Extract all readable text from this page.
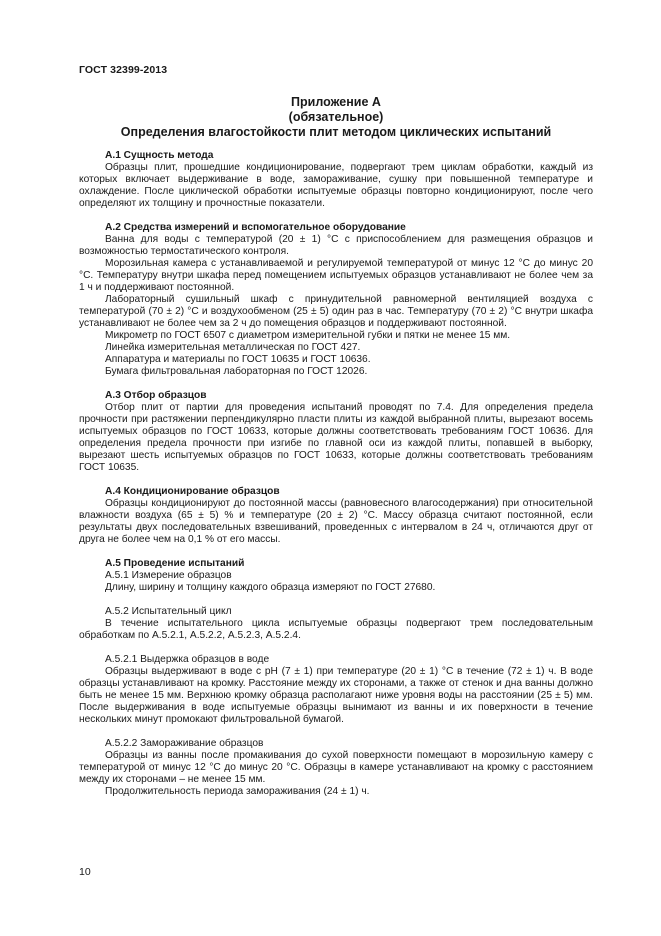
ГОСТ 32399-2013
Приложение А
(обязательное)
Определения влагостойкости плит методом циклических испытаний
А.1 Сущность метода

Образцы плит, прошедшие кондиционирование, подвергают трем циклам обработки, каждый из которых включает выдерживание в воде, замораживание, сушку при повышенной температуре и охлаждение. После циклической обработки испытуемые образцы повторно кондиционируют, после чего определяют их толщину и прочностные показатели.

А.2 Средства измерений и вспомогательное оборудование

Ванна для воды с температурой (20 ± 1) °С с приспособлением для размещения образцов и возможностью термостатического контроля.

Морозильная камера с устанавливаемой и регулируемой температурой от минус 12 °С до минус 20 °С. Температуру внутри шкафа перед помещением испытуемых образцов устанавливают не более чем за 1 ч и поддерживают постоянной.

Лабораторный сушильный шкаф с принудительной равномерной вентиляцией воздуха с температурой (70 ± 2) °С и воздухообменом (25 ± 5) один раз в час. Температуру (70 ± 2) °С внутри шкафа устанавливают не более чем за 2 ч до помещения образцов и поддерживают постоянной.

Микрометр по ГОСТ 6507 с диаметром измерительной губки и пятки не менее 15 мм.

Линейка измерительная металлическая по ГОСТ 427.

Аппаратура и материалы по ГОСТ 10635 и ГОСТ 10636.

Бумага фильтровальная лабораторная по ГОСТ 12026.

А.3 Отбор образцов

Отбор плит от партии для проведения испытаний проводят по 7.4. Для определения предела прочности при растяжении перпендикулярно пласти плиты из каждой выбранной плиты, вырезают восемь испытуемых образцов по ГОСТ 10633, которые должны соответствовать требованиям ГОСТ 10636. Для определения предела прочности при изгибе по главной оси из каждой плиты, попавшей в выборку, вырезают шесть испытуемых образцов по ГОСТ 10633, которые должны соответствовать требованиям ГОСТ 10635.

А.4 Кондиционирование образцов

Образцы кондиционируют до постоянной массы (равновесного влагосодержания) при относительной влажности воздуха (65 ± 5) % и температуре (20 ± 2) °С. Массу образца считают постоянной, если результаты двух последовательных взвешиваний, проведенных с интервалом в 24 ч, отличаются друг от друга не более чем на 0,1 % от его массы.

А.5 Проведение испытаний
А.5.1 Измерение образцов

Длину, ширину и толщину каждого образца измеряют по ГОСТ 27680.

А.5.2 Испытательный цикл

В течение испытательного цикла испытуемые образцы подвергают трем последовательным обработкам по А.5.2.1, А.5.2.2, А.5.2.3, А.5.2.4.

А.5.2.1 Выдержка образцов в воде

Образцы выдерживают в воде с рН (7 ± 1) при температуре (20 ± 1) °С в течение (72 ± 1) ч. В воде образцы устанавливают на кромку. Расстояние между их сторонами, а также от стенок и дна ванны должно быть не менее 15 мм. Верхнюю кромку образца располагают ниже уровня воды на расстоянии (25 ± 5) мм. После выдерживания в воде испытуемые образцы вынимают из ванны и их поверхности в течение нескольких минут промокают фильтровальной бумагой.

А.5.2.2 Замораживание образцов

Образцы из ванны после промакивания до сухой поверхности помещают в морозильную камеру с температурой от минус 12 °С до минус 20 °С. Образцы в камере устанавливают на кромку с расстоянием между их сторонами – не менее 15 мм.

Продолжительность периода замораживания (24 ± 1) ч.

10
